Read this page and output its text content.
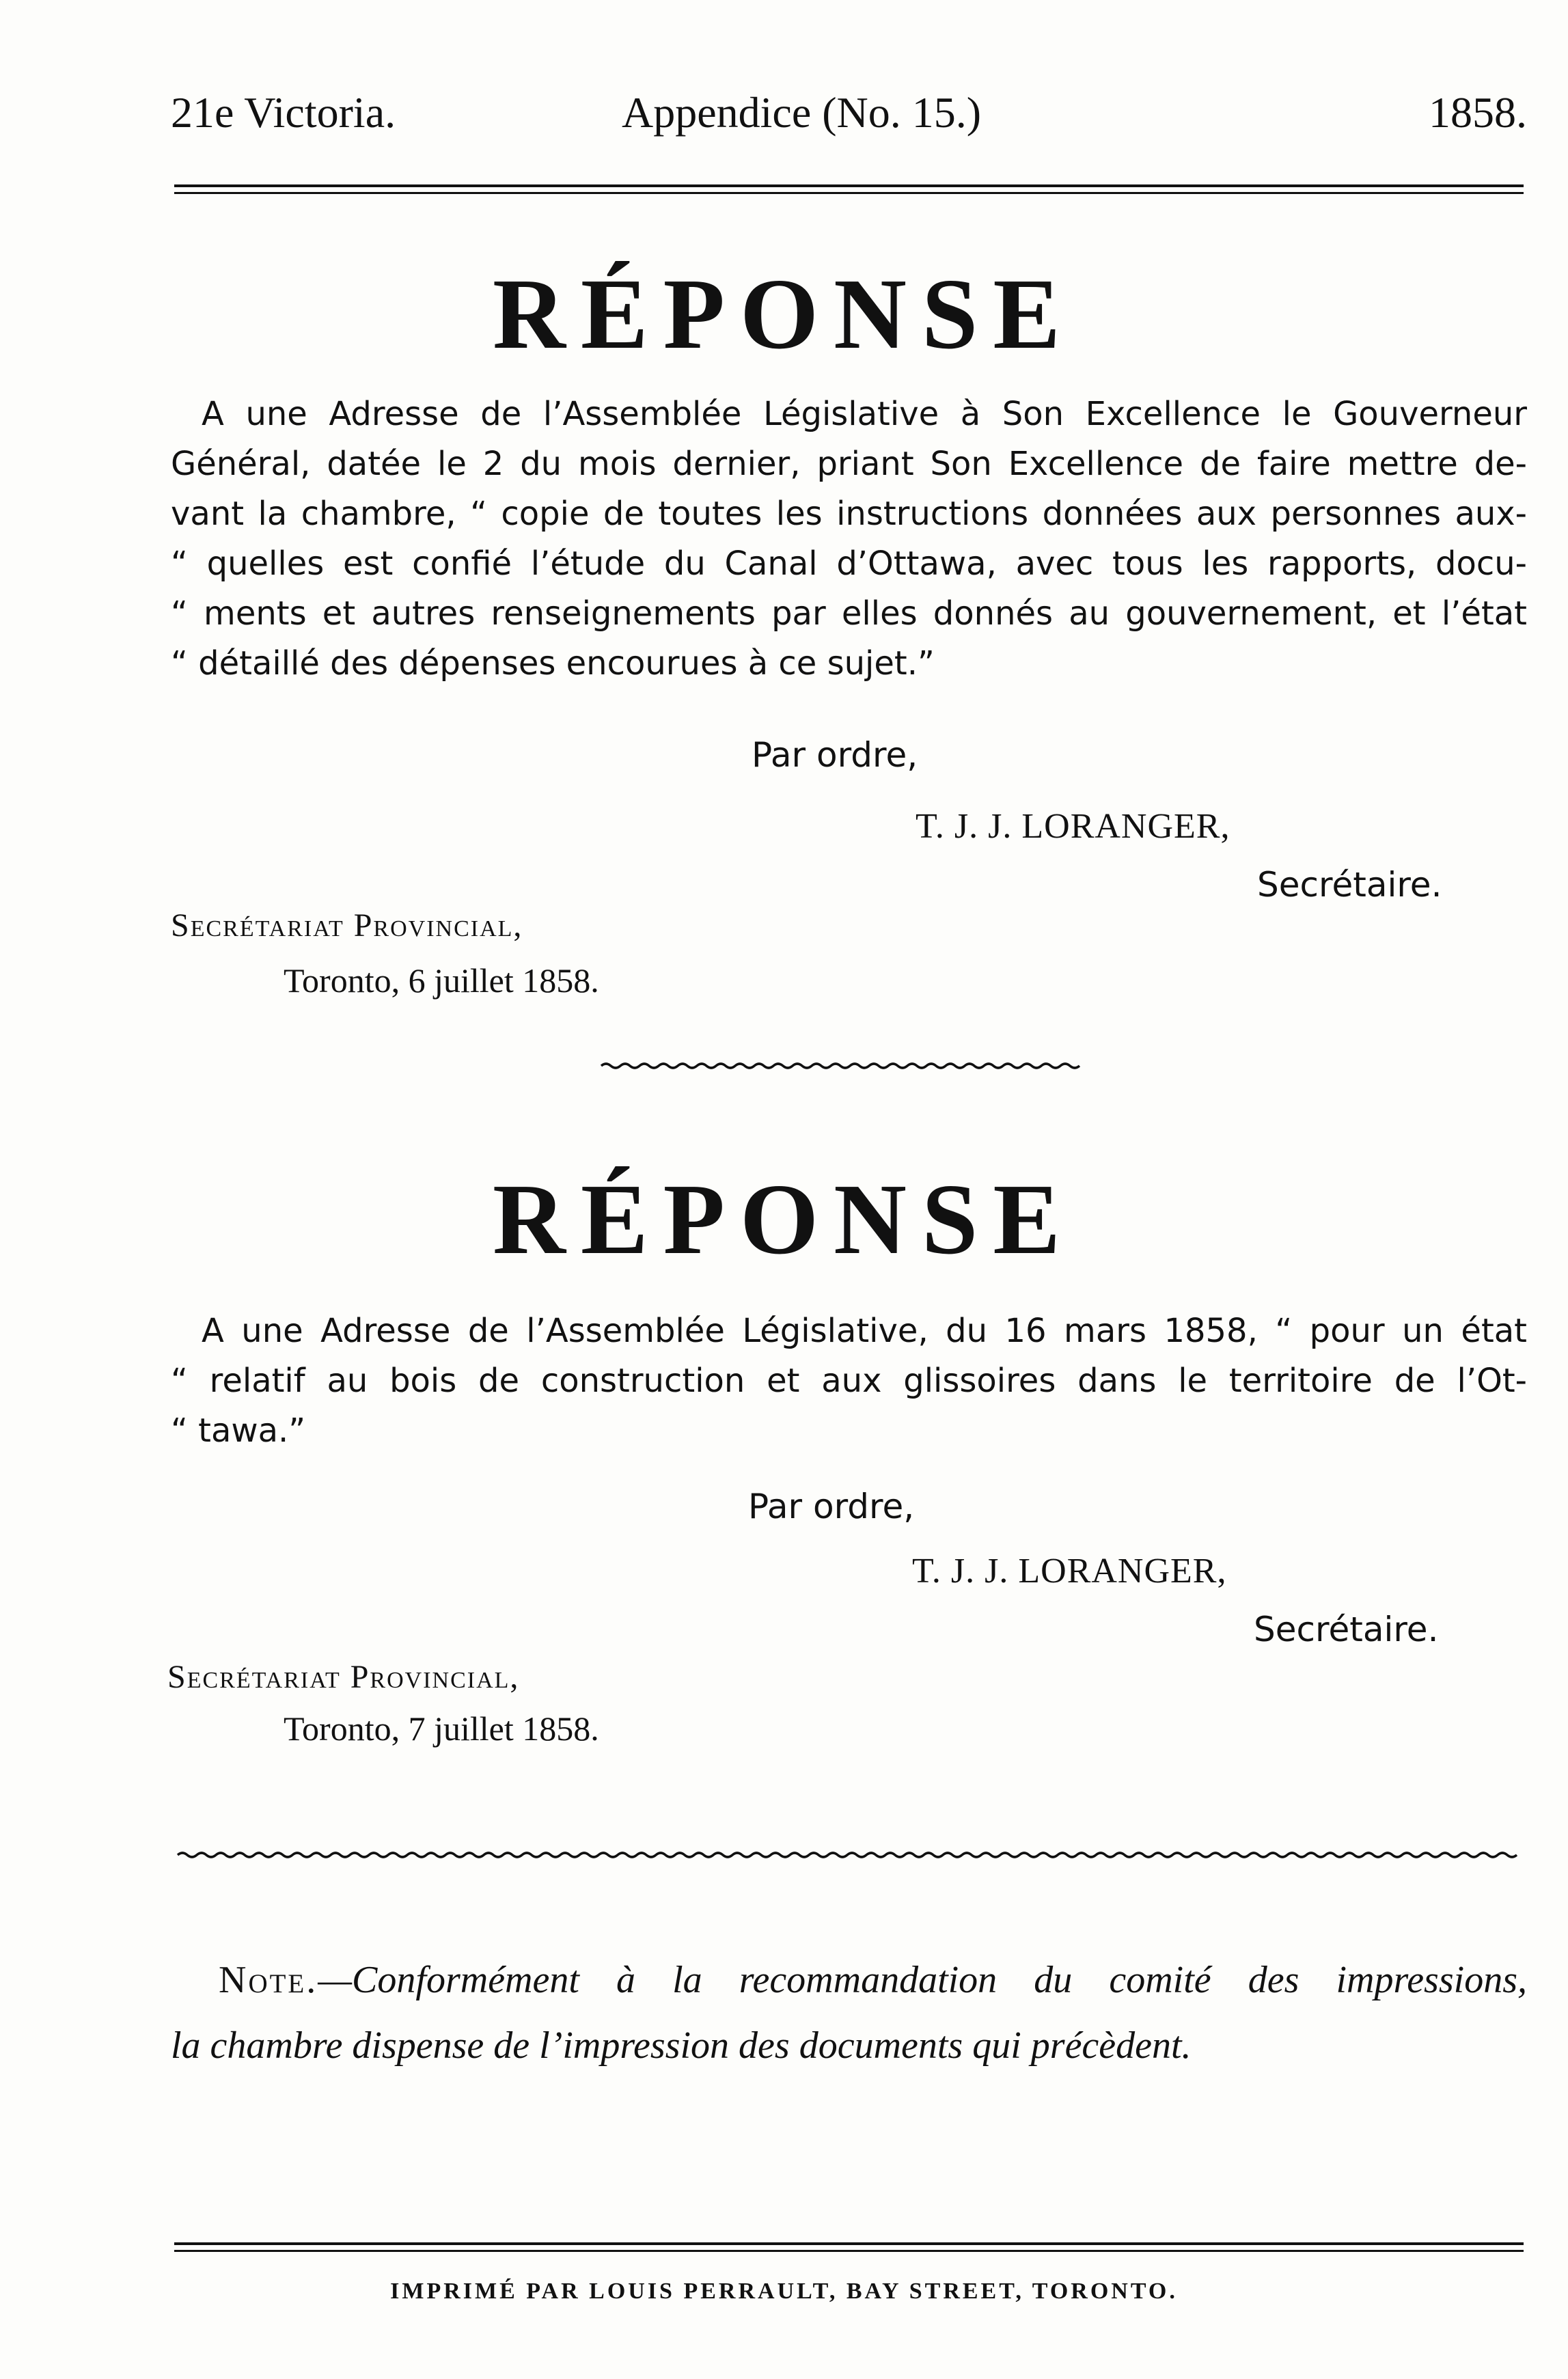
21e Victoria.	Appendice (No. 15.)	1858.
RÉPONSE
A une Adresse de l’Assemblée Législative à Son Excellence le Gouverneur
Général, datée le 2 du mois dernier, priant Son Excellence de faire mettre de-
vant la chambre, “ copie de toutes les instructions données aux personnes aux-
“ quelles est confié l’étude du Canal d’Ottawa, avec tous les rapports, docu-
“ ments et autres renseignements par elles donnés au gouvernement, et l’état
“ détaillé des dépenses encourues à ce sujet.”
Par ordre,
T. J. J. LORANGER,
Secrétaire.
Secrétariat Provincial,
Toronto, 6 juillet 1858.
RÉPONSE
A une Adresse de l’Assemblée Législative, du 16 mars 1858, “ pour un état
“ relatif au bois de construction et aux glissoires dans le territoire de l’Ot-
“ tawa.”
Par ordre,
T. J. J. LORANGER,
Secrétaire.
Secrétariat Provincial,
Toronto, 7 juillet 1858.
Note.—Conformément à la recommandation du comité des impressions,
la chambre dispense de l’impression des documents qui précèdent.
IMPRIMÉ PAR LOUIS PERRAULT, BAY STREET, TORONTO.
